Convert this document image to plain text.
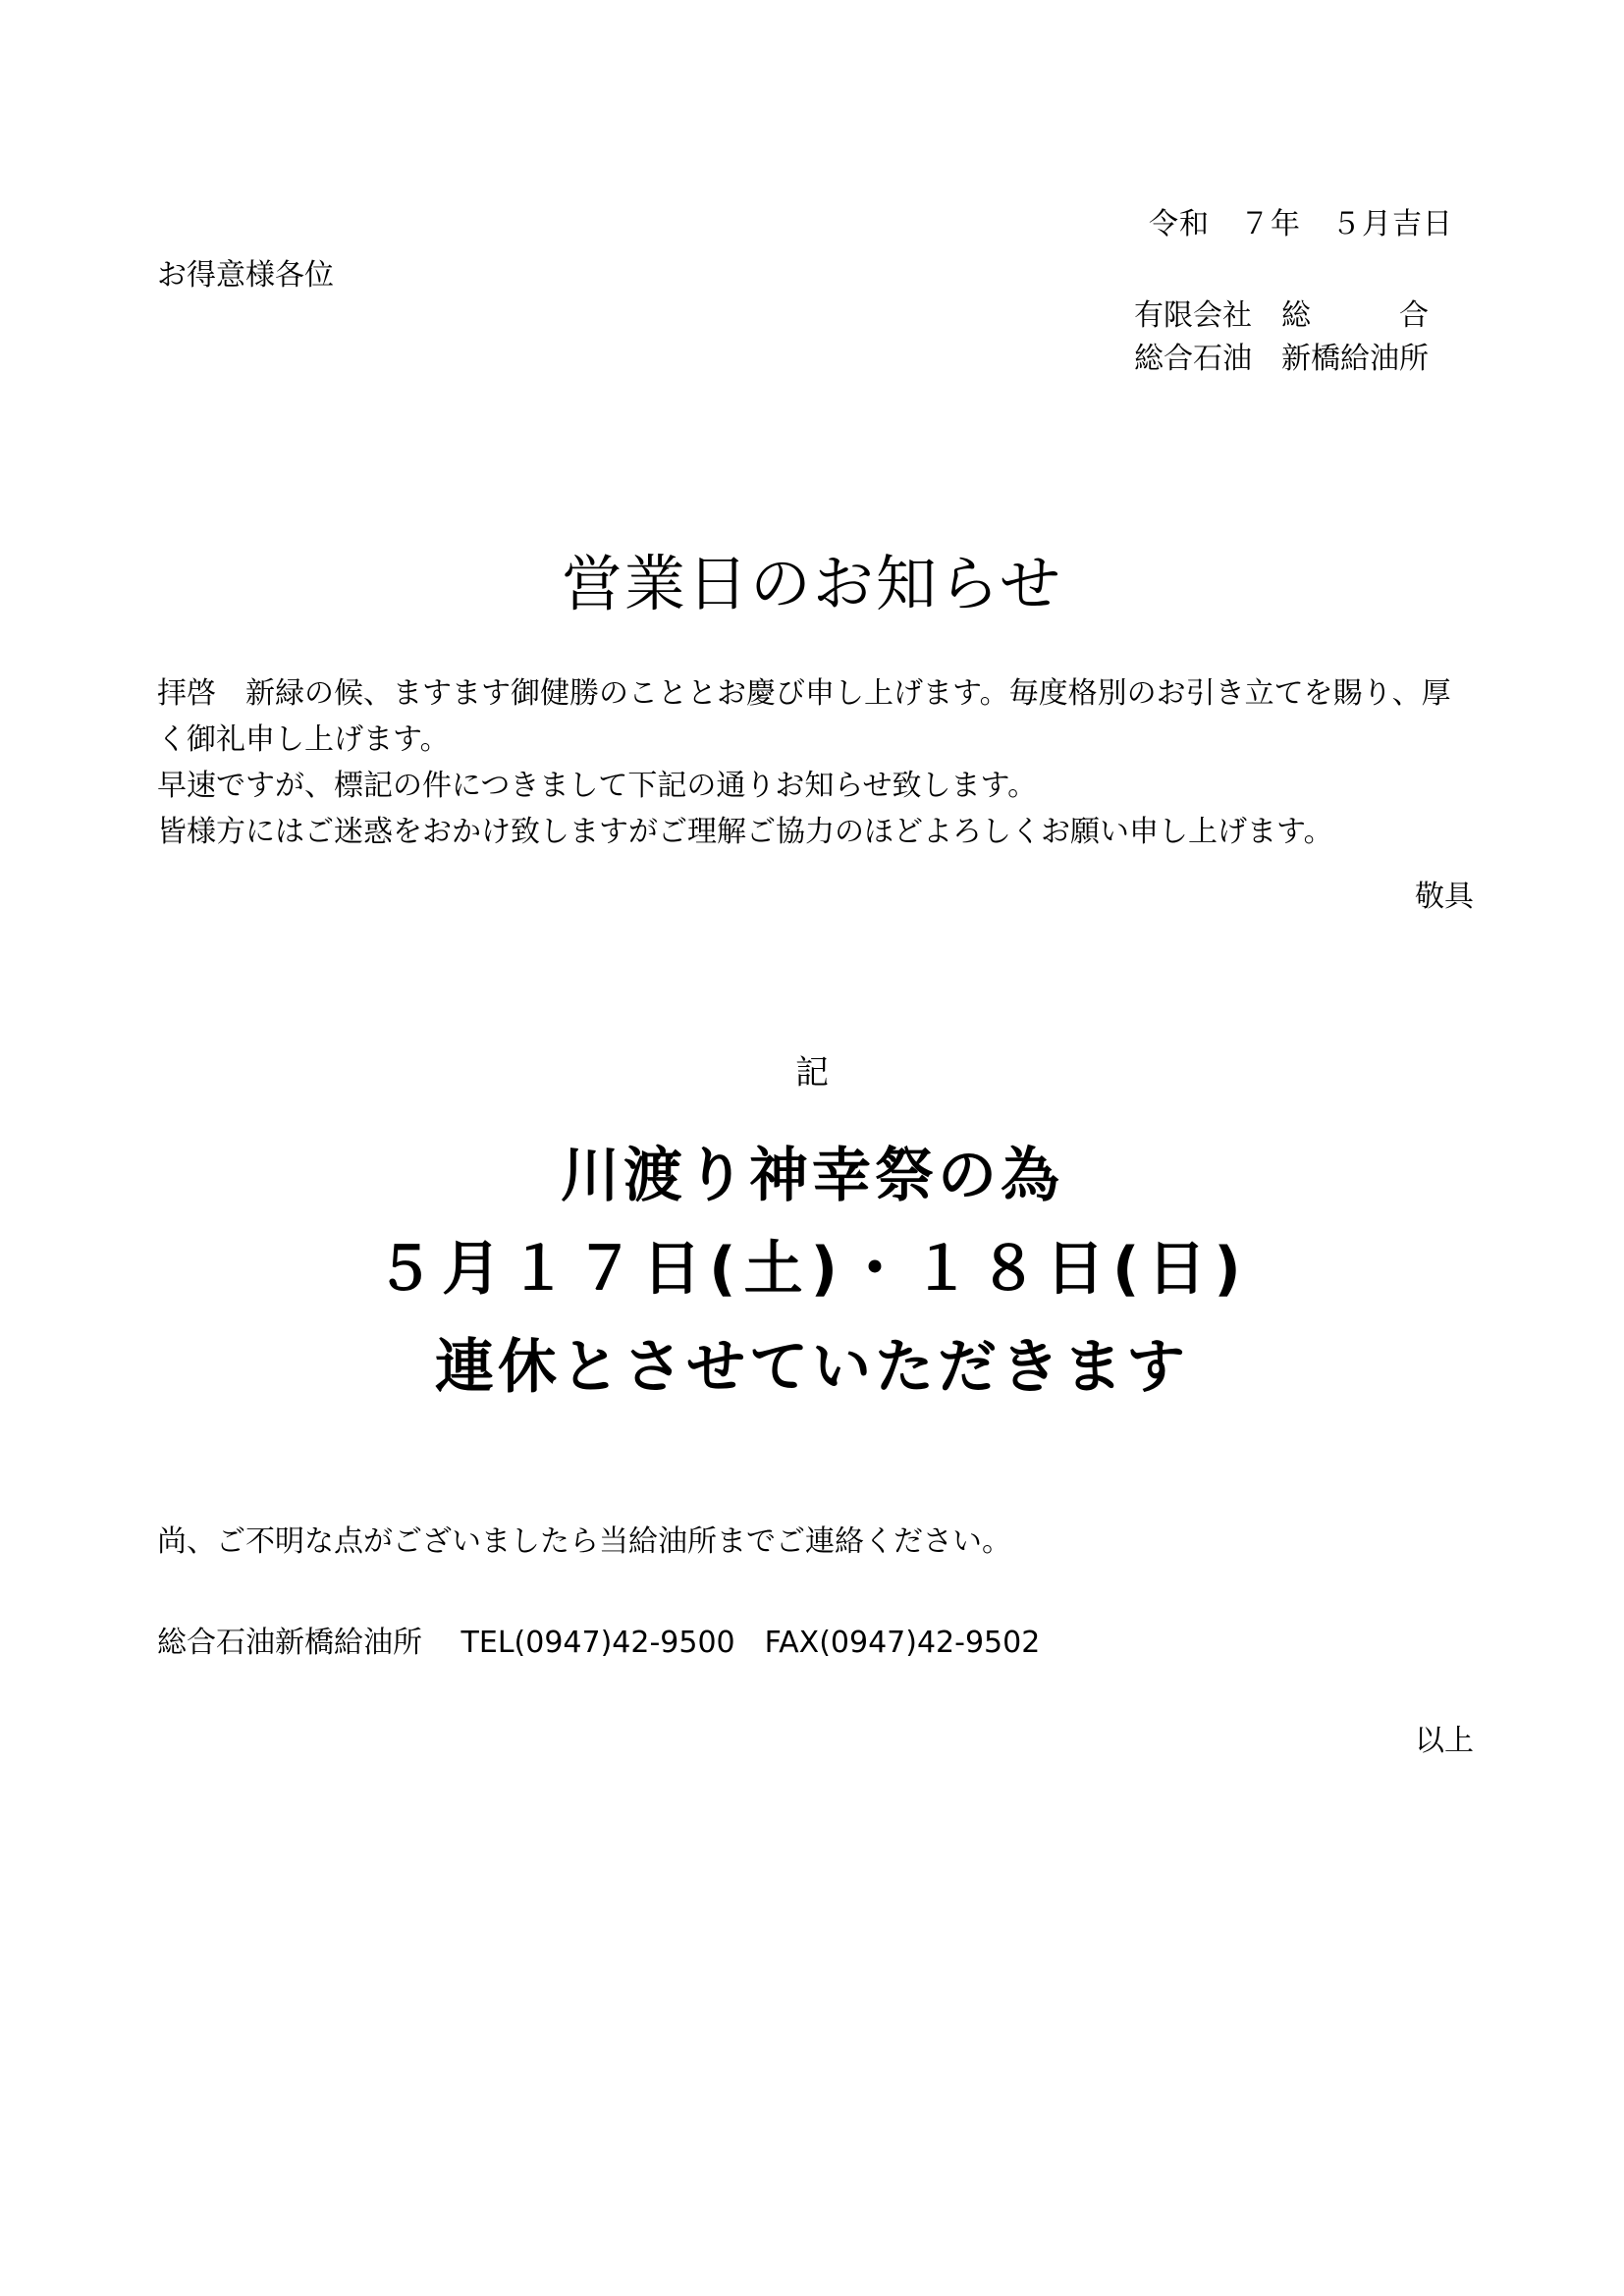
令和　７年　５月吉日
お得意様各位
有限会社　総　　　合
総合石油　新橋給油所
営業日のお知らせ

拝啓　新緑の候、ますます御健勝のこととお慶び申し上げます。毎度格別のお引き立てを賜り、厚く御礼申し上げます。

早速ですが、標記の件につきまして下記の通りお知らせ致します。

皆様方にはご迷惑をおかけ致しますがご理解ご協力のほどよろしくお願い申し上げます。

敬具
記
川渡り神幸祭の為
５月１７日(土)・１８日(日)
連休とさせていただきます
尚、ご不明な点がございましたら当給油所までご連絡ください。
総合石油新橋給油所　 TEL(0947)42-9500　FAX(0947)42-9502
以上
